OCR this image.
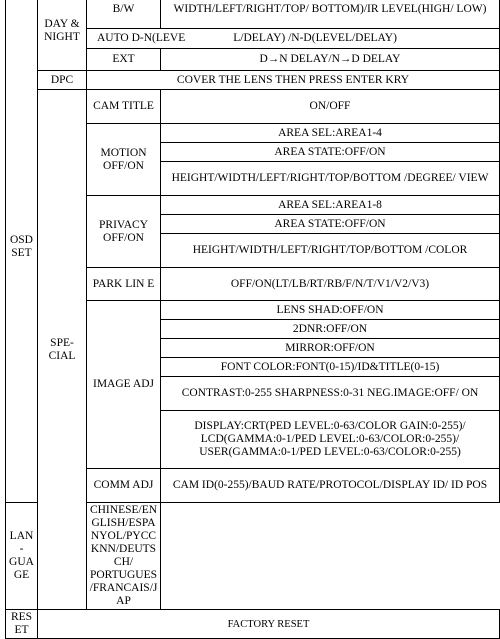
OSD SET	DAY & NIGHT	B/W	WIDTH/LEFT/RIGHT/TOP/ BOTTOM)/IR LEVEL(HIGH/ LOW)
		AUTO D-N(LEVE L/DELAY) /N-D(LEVEL/DELAY)	
		EXT	D→N DELAY/N→D DELAY
	DPC	COVER THE LENS THEN PRESS ENTER KRY	
	SPE- CIAL	CAM TITLE	ON/OFF
		MOTION OFF/ON	AREA SEL:AREA1-4
			AREA STATE:OFF/ON
			HEIGHT/WIDTH/LEFT/RIGHT/TOP/BOTTOM /DEGREE/ VIEW
		PRIVACY OFF/ON	AREA SEL:AREA1-8
			AREA STATE:OFF/ON
			HEIGHT/WIDTH/LEFT/RIGHT/TOP/BOTTOM /COLOR
		PARK LIN E	OFF/ON(LT/LB/RT/RB/F/N/T/V1/V2/V3)
		IMAGE ADJ	LENS SHAD:OFF/ON
			2DNR:OFF/ON
			MIRROR:OFF/ON
			FONT COLOR:FONT(0-15)/ID&TITLE(0-15)
			CONTRAST:0-255 SHARPNESS:0-31 NEG.IMAGE:OFF/ ON
			DISPLAY:CRT(PED LEVEL:0-63/COLOR GAIN:0-255)/ LCD(GAMMA:0-1/PED LEVEL:0-63/COLOR:0-255)/ USER(GAMMA:0-1/PED LEVEL:0-63/COLOR:0-255)
		COMM ADJ	CAM ID(0-255)/BAUD RATE/PROTOCOL/DISPLAY ID/ ID POS
LAN- GUAGE		CHINESE/ENGLISH/ESPANYOL/PYCCKNN/DEUTSCH/ PORTUGUES/FRANCAIS/JAP	
RESET	FACTORY RESET		
